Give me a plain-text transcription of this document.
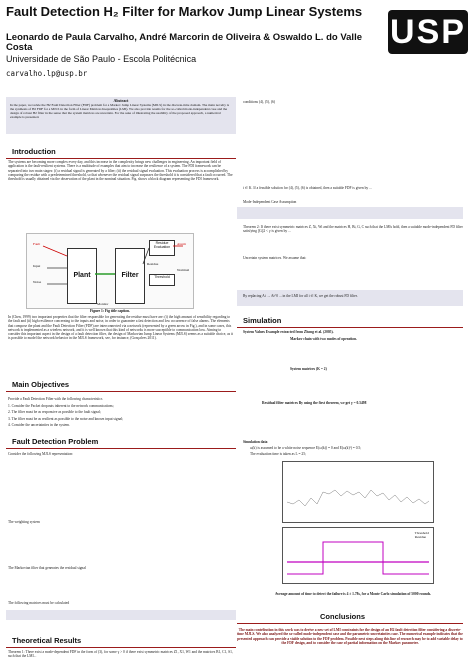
Fault Detection H₂ Filter for Markov Jump Linear Systems
Leonardo de Paula Carvalho, André Marcorin de Oliveira & Oswaldo L. do Valle Costa
Universidade de São Paulo - Escola Politécnica
carvalho.lp@usp.br
USP
Abstract
In the paper, we tackle the H2 Fault Detection Filter (FDF) problem for a Markov Jump Linear Systems (MJLS) in the discrete-time domain. The main novelty is the synthesis of H2 FDF for a MJLS in the form of Linear Matrices Inequalities (LMI). We also provide results for the so-called mode-independent case and the design of robust H2 filter in the sense that the system matrices are uncertain. For the sake of illustrating the usability of the proposed approach, a numerical example is presented.
Introduction
The systems are becoming more complex every day, and this increase in the complexity brings new challenges in engineering. An important field of application is the fault-resilient systems. There is a multitude of examples that aim to increase the resilience of a system. The FDI framework can be separated into two main stages: (i) a residual signal is generated by a filter; (ii) the residual signal evaluation. This evaluation process is accomplished by comparing the residue with a predetermined threshold, so that whenever the residual signal surpasses the threshold it is considered that a fault occurred. The threshold is usually obtained via the observation of the plant in the nominal situation. Fig. shows a block diagram representing the FDI framework.
Plant	Filter
Residue Evaluation
Threshold
Fault
Input
Noise
Residue
Alarm
Nominal
Monitor
Figure 1: Fig title caption.
In (Chen, 1999) two important properties that the filter responsible for generating the residue must have are: (i) the high amount of sensibility regarding to the fault and (ii) high resilience concerning to the inputs and noise, in order to guarantee a fast detection and low occurrence of false alarms. The elements that compose the plant and the Fault Detection Filter (FDF) are interconnected via a network (represented by a green arrow in Fig.), and in some cases, this network is implemented as a wireless network, and it is well known that this kind of networks is more susceptible to communication loss. Aiming to consider this important aspect in the design of a fault detection filter, the design of Markovian Jump Linear Systems (MJLS) seems as a suitable choice, as it is possible to model the network behavior in the MJLS framework, see, for instance, (Gonçalves 2011).
Main Objectives
Provide a Fault Detection Filter with the following characteristics
1. Consider the Packet dropouts inherent to the network communications;
2. The filter must be as responsive as possible to the fault signal;
3. The filter must be as resilient as possible to the noise and known input signal;
4. Consider the uncertainties in the system.
Fault Detection Problem
Consider the following MJLS representation:
The weighting system
The Markovian filter that generates the residual signal
The following matrices must be calculated
Theoretical Results
Theorem 1: There exist a mode-dependent FDF in the form of (3), for some γ > 0 if there exist symmetric matrices Z1, X1, W1 and the matrices B1, C1, S1, such that the LMI...
conditions (4), (5), (6)
i ∈ K. If a feasible solution for (4), (5), (6) is obtained, then a suitable FDF is given by ...
Mode-Independent Case Assumption
Theorem 2: If there exist symmetric matrices Z, Xi, Wi and the matrices H, Bi, G, C such that the LMIs hold, then a suitable mode-independent FD filter satisfying ||G||2 < γ is given by ...
Uncertain system matrices. We assume that:
By replacing Ai → Ai^0 ... in the LMI for all i ∈ K, we get the robust FD filter.
Simulation
System Values Example extracted from Zhong et al. (2005).
Markov chain with two modes of operation.
System matrices (K = 2)
Residual filter matrices By using the first theorem, we get γ = 0.5498
Simulation data
ω(k) is assumed to be a white noise sequence E(ω(k)) = 0 and E(ω(k)²) = 0.5;
The evaluation time is taken as L = 25;
Threshold
Residue
Average amount of time to detect the failure is 4 ± 1.78s, for a Monte Carlo simulation of 5000 rounds.
Conclusions
The main contribution in this work was to derive a new set of LMI constraints for the design of an H2 fault detection filter considering a discrete-time MJLS. We also analyzed the so-called mode-independent case and the parametric uncertainties case. The numerical example indicates that the presented approach can provide a viable solution to the FDF problem. Possible next steps along this line of research may be to add variable delay to the FDF design, and to consider the case of partial information on the Markov parameter.
